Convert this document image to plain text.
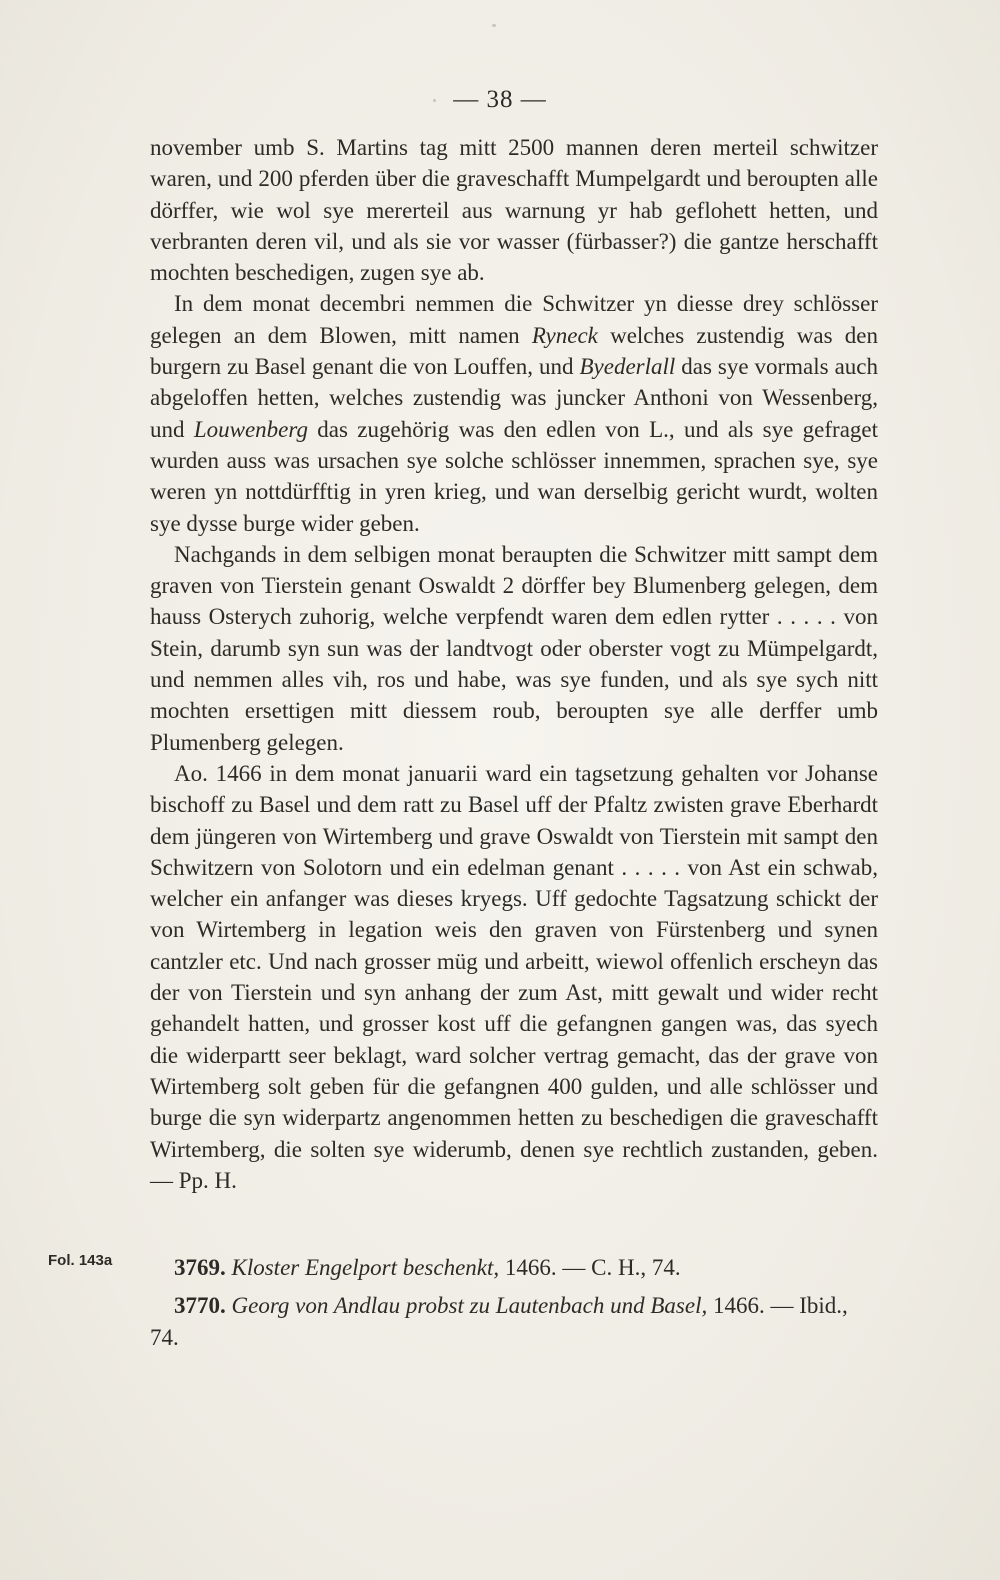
— 38 —

november umb S. Martins tag mitt 2500 mannen deren merteil schwitzer waren, und 200 pferden über die graveschafft Mumpelgardt und beroupten alle dörffer, wie wol sye mererteil aus warnung yr hab geflohett hetten, und verbranten deren vil, und als sie vor wasser (fürbasser?) die gantze herschafft mochten beschedigen, zugen sye ab.

In dem monat decembri nemmen die Schwitzer yn diesse drey schlösser gelegen an dem Blowen, mitt namen Ryneck welches zustendig was den burgern zu Basel genant die von Louffen, und Byederlall das sye vormals auch abgeloffen hetten, welches zustendig was juncker Anthoni von Wessenberg, und Louwenberg das zugehörig was den edlen von L., und als sye gefraget wurden auss was ursachen sye solche schlösser innemmen, sprachen sye, sye weren yn nottdürfftig in yren krieg, und wan derselbig gericht wurdt, wolten sye dysse burge wider geben.

Nachgands in dem selbigen monat beraupten die Schwitzer mitt sampt dem graven von Tierstein genant Oswaldt 2 dörffer bey Blumenberg gelegen, dem hauss Osterych zuhorig, welche verpfendt waren dem edlen rytter . . . . . von Stein, darumb syn sun was der landtvogt oder oberster vogt zu Mümpelgardt, und nemmen alles vih, ros und habe, was sye funden, und als sye sych nitt mochten ersettigen mitt diessem roub, beroupten sye alle derffer umb Plumenberg gelegen.

Ao. 1466 in dem monat januarii ward ein tagsetzung gehalten vor Johanse bischoff zu Basel und dem ratt zu Basel uff der Pfaltz zwisten grave Eberhardt dem jüngeren von Wirtemberg und grave Oswaldt von Tierstein mit sampt den Schwitzern von Solotorn und ein edelman genant . . . . . von Ast ein schwab, welcher ein anfanger was dieses kryegs. Uff gedochte Tagsatzung schickt der von Wirtemberg in legation weis den graven von Fürstenberg und synen cantzler etc. Und nach grosser müg und arbeitt, wiewol offenlich erscheyn das der von Tierstein und syn anhang der zum Ast, mitt gewalt und wider recht gehandelt hatten, und grosser kost uff die gefangnen gangen was, das syech die widerpartt seer beklagt, ward solcher vertrag gemacht, das der grave von Wirtemberg solt geben für die gefangnen 400 gulden, und alle schlösser und burge die syn widerpartz angenommen hetten zu beschedigen die graveschafft Wirtemberg, die solten sye widerumb, denen sye rechtlich zustanden, geben. — Pp. H.

Fol. 143a	3769. Kloster Engelport beschenkt, 1466. — C. H., 74.

3770. Georg von Andlau probst zu Lautenbach und Basel, 1466. — Ibid., 74.
